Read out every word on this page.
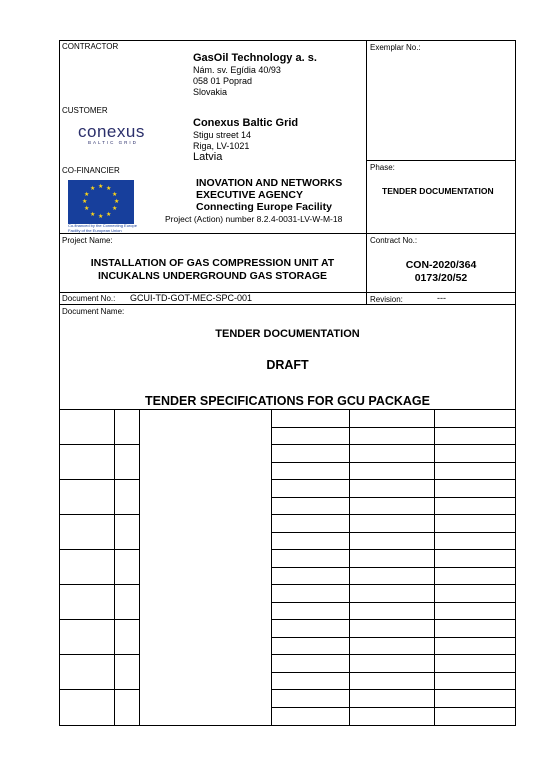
CONTRACTOR
GasOil Technology a. s.
Nám. sv. Egídia 40/93
058 01 Poprad
Slovakia
Exemplar No.:
CUSTOMER
conexus
BALTIC GRID
Conexus Baltic Grid
Stigu street 14
Riga, LV-1021
Latvia
CO-FINANCIER
★ ★
★
★
★
★
★
★
★
★
★
★
Co-financed by the Connecting Europe Facility of the European Union
INOVATION AND NETWORKS
EXECUTIVE AGENCY
Connecting Europe Facility
Project (Action) number 8.2.4-0031-LV-W-M-18
Phase:
TENDER DOCUMENTATION
Project Name:
INSTALLATION OF GAS COMPRESSION UNIT AT
INCUKALNS UNDERGROUND GAS STORAGE
Contract No.:
CON-2020/364
0173/20/52
Document No.: GCUI-TD-GOT-MEC-SPC-001	Revision:	---
Document Name:
TENDER DOCUMENTATION
DRAFT
TENDER SPECIFICATIONS FOR GCU PACKAGE
